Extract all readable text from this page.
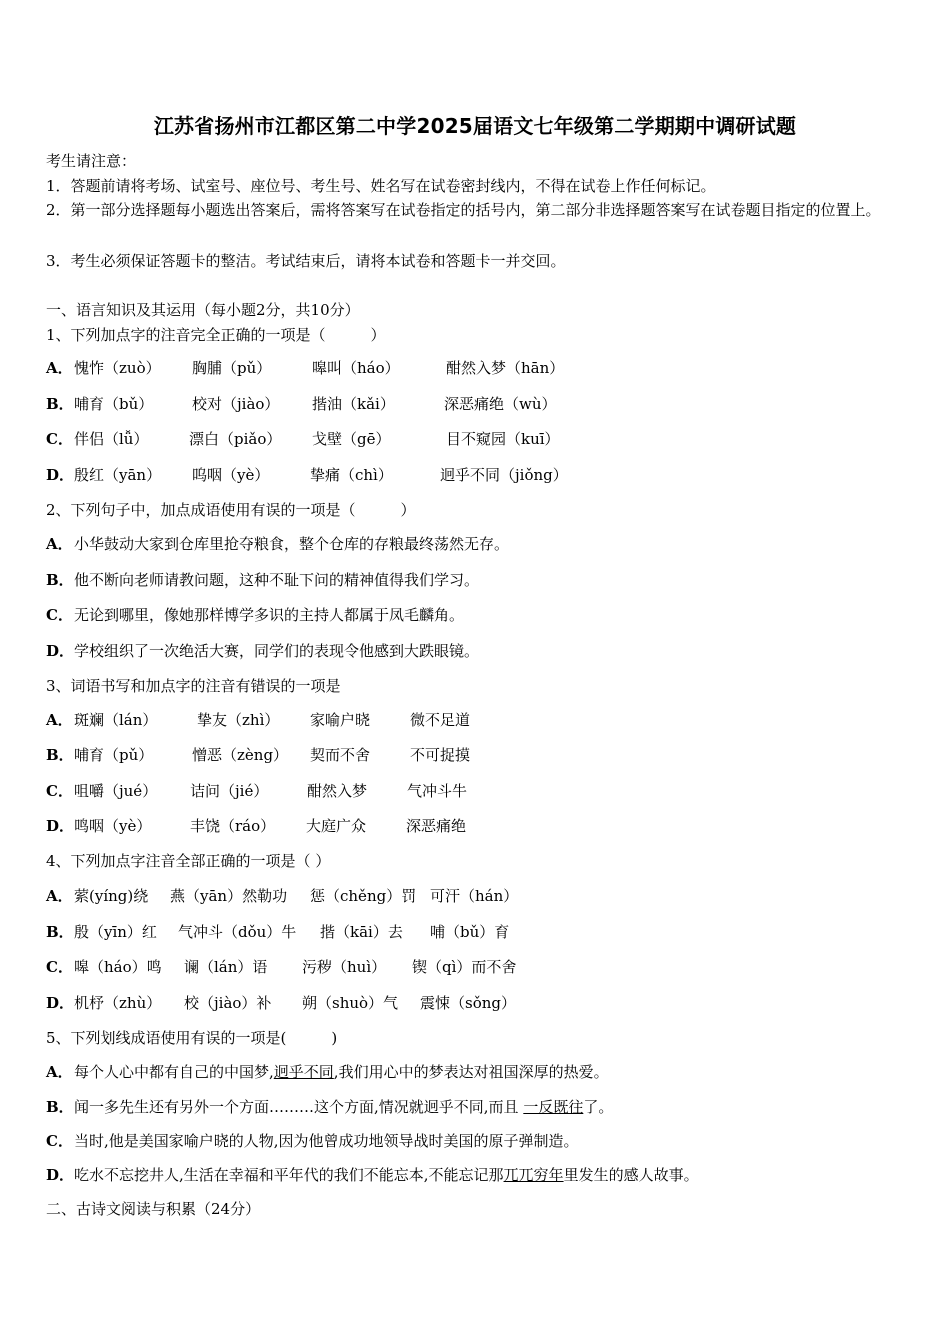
江苏省扬州市江都区第二中学2025届语文七年级第二学期期中调研试题
考生请注意：
1．答题前请将考场、试室号、座位号、考生号、姓名写在试卷密封线内，不得在试卷上作任何标记。
2．第一部分选择题每小题选出答案后，需将答案写在试卷指定的括号内，第二部分非选择题答案写在试卷题目指定的位置上。
3．考生必须保证答题卡的整洁。考试结束后，请将本试卷和答题卡一并交回。
一、语言知识及其运用（每小题2分，共10分）
1、下列加点字的注音完全正确的一项是（　　　）
A．愧怍（zuò） 胸脯（pǔ）	嗥叫（háo）	酣然入梦（hān）
B．哺育（bǔ）	校对（jiào） 揩油（kǎi）	深恶痛绝（wù）
C．伴侣（lǚ）	漂白（piǎo） 戈壁（gē）	目不窥园（kuī）
D．殷红（yān） 呜咽（yè）	挚痛（chì）	迥乎不同（jiǒng）
2、下列句子中，加点成语使用有误的一项是（　　　）
A．小华鼓动大家到仓库里抢夺粮食，整个仓库的存粮最终荡然无存。
B．他不断向老师请教问题，这种不耻下问的精神值得我们学习。
C．无论到哪里，像她那样博学多识的主持人都属于凤毛麟角。
D．学校组织了一次绝活大赛，同学们的表现令他感到大跌眼镜。
3、词语书写和加点字的注音有错误的一项是
A．斑斓（lán）	挚友（zhì） 家喻户晓	微不足道
B．哺育（pǔ）	憎恶（zèng） 契而不舍	不可捉摸
C．咀嚼（jué） 诘问（jié）	酣然入梦	气冲斗牛
D．鸣咽（yè）	丰饶（ráo） 大庭广众	深恶痛绝
4、下列加点字注音全部正确的一项是（ ）
A．萦(yíng)绕 燕（yān）然勒功 惩（chěng）罚 可汗（hán）
B．殷（yīn）红 气冲斗（dǒu）牛 揩（kāi）去 哺（bǔ）育
C．嗥（háo）鸣 谰（lán）语 污秽（huì） 锲（qì）而不舍
D．机杼（zhù） 校（jiào）补 朔（shuò）气 震悚（sǒng）
5、下列划线成语使用有误的一项是(　　　)
A．每个人心中都有自己的中国梦,迥乎不同,我们用心中的梦表达对祖国深厚的热爱。
B．闻一多先生还有另外一个方面………这个方面,情况就迥乎不同,而且 一反既往了。
C．当时,他是美国家喻户晓的人物,因为他曾成功地领导战时美国的原子弹制造。
D．吃水不忘挖井人,生活在幸福和平年代的我们不能忘本,不能忘记那兀兀穷年里发生的感人故事。
二、古诗文阅读与积累（24分）
